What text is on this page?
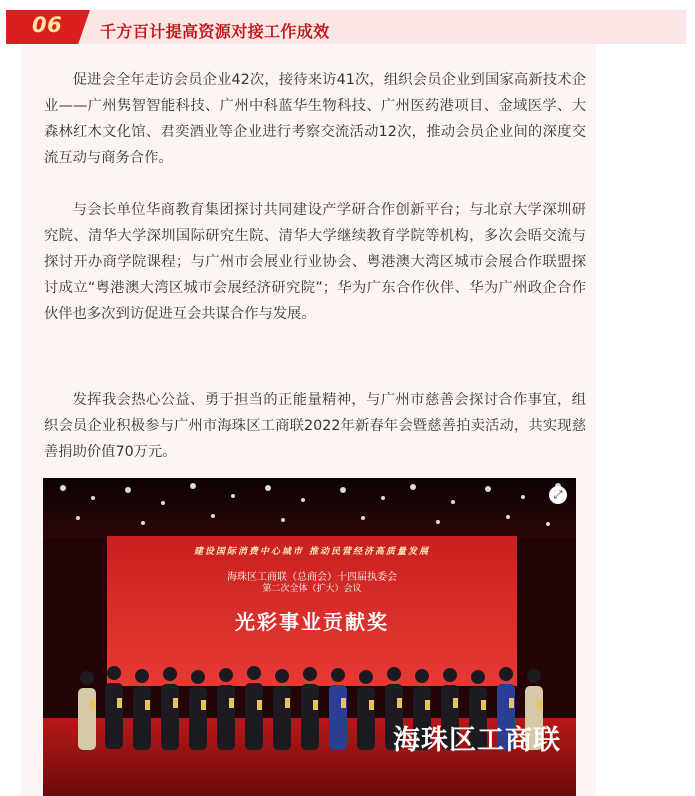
06 千方百计提高资源对接工作成效
促进会全年走访会员企业42次，接待来访41次，组织会员企业到国家高新技术企业——广州隽智智能科技、广州中科蓝华生物科技、广州医药港项目、金域医学、大森林红木文化馆、君奕酒业等企业进行考察交流活动12次，推动会员企业间的深度交流互动与商务合作。
与会长单位华商教育集团探讨共同建设产学研合作创新平台；与北京大学深圳研究院、清华大学深圳国际研究生院、清华大学继续教育学院等机构，多次会晤交流与探讨开办商学院课程；与广州市会展业行业协会、粤港澳大湾区城市会展合作联盟探讨成立“粤港澳大湾区城市会展经济研究院”；华为广东合作伙伴、华为广州政企合作伙伴也多次到访促进互会共谋合作与发展。
发挥我会热心公益、勇于担当的正能量精神，与广州市慈善会探讨合作事宜，组织会员企业积极参与广州市海珠区工商联2022年新春年会暨慈善拍卖活动，共实现慈善捐助价值70万元。
建设国际消费中心城市 推动民营经济高质量发展
海珠区工商联（总商会）十四届执委会
第二次全体（扩大）会议
光彩事业贡献奖
海珠区工商联
⤢
